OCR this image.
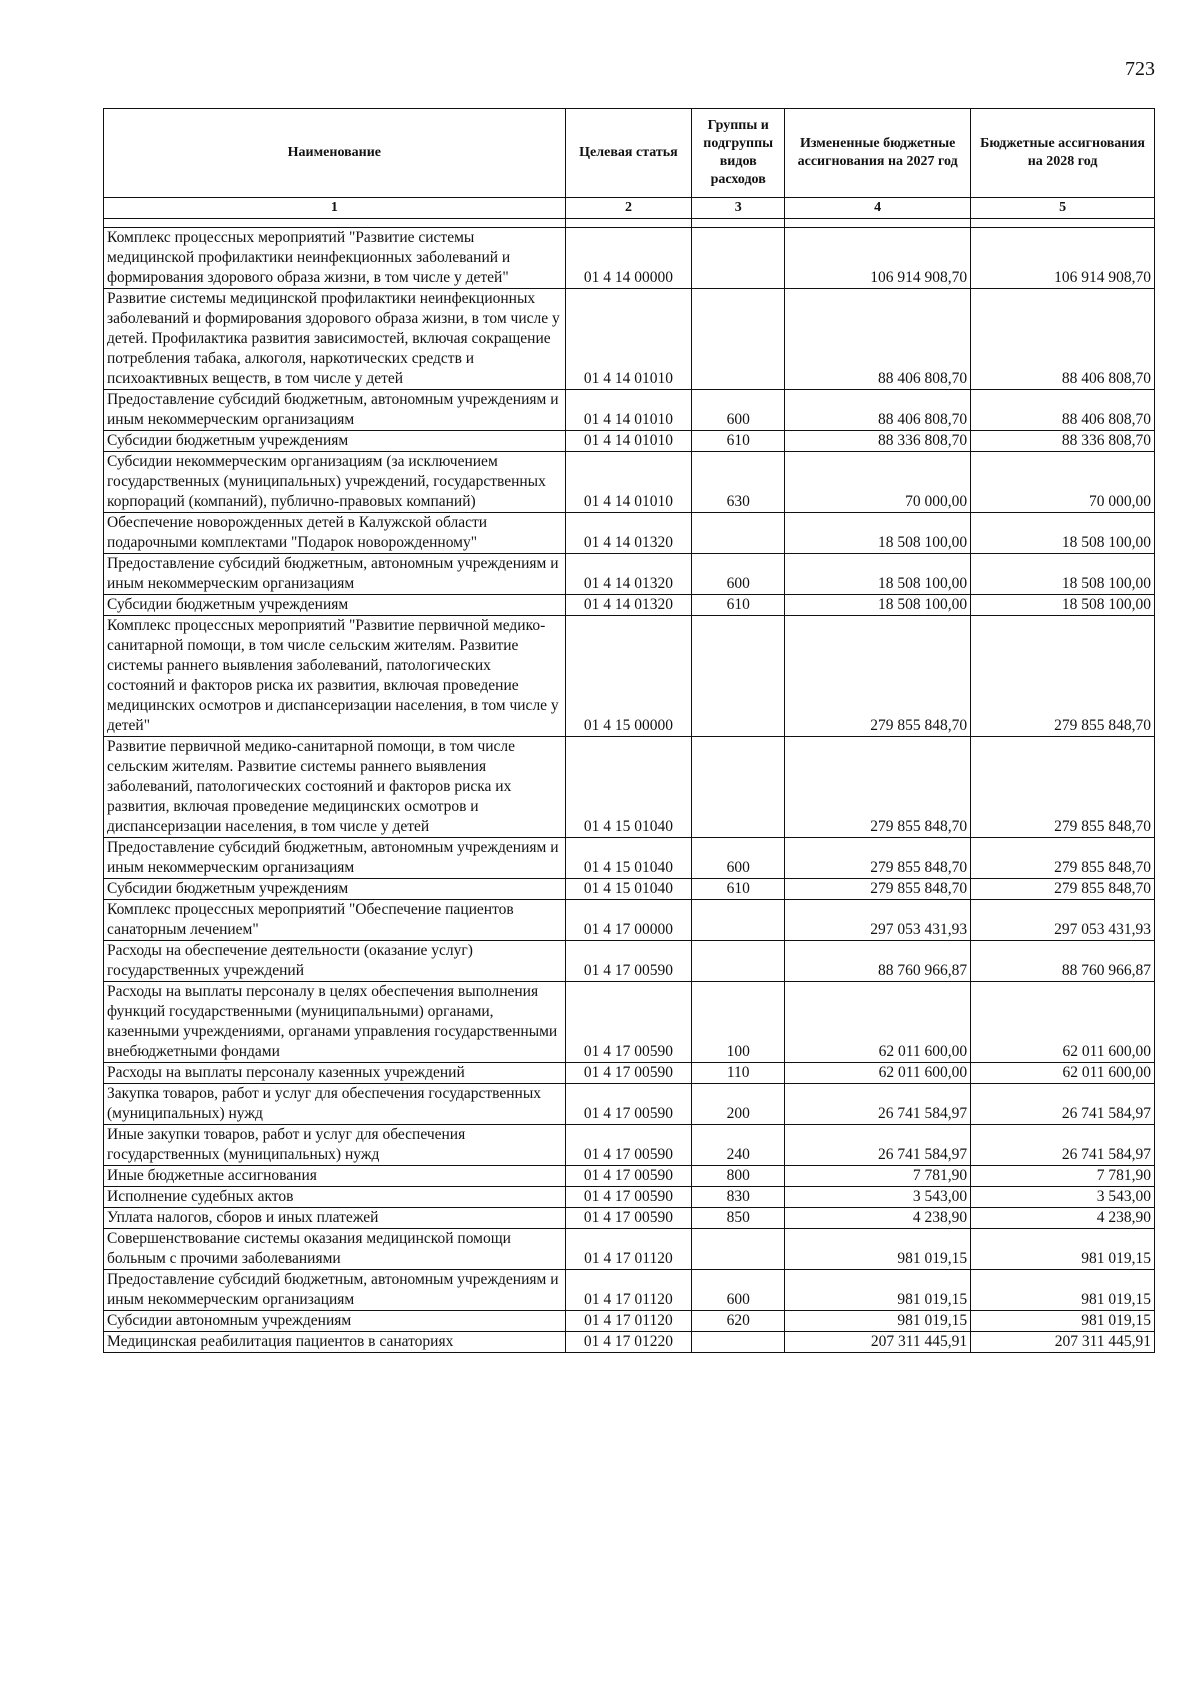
723
Наименование	Целевая статья	Группы и подгруппы видов расходов	Измененные бюджетные ассигнования на 2027 год	Бюджетные ассигнования на 2028 год
1	2	3	4	5

Комплекс процессных мероприятий "Развитие системы медицинской профилактики неинфекционных заболеваний и формирования здорового образа жизни, в том числе у детей"	01 4 14 00000		106 914 908,70	106 914 908,70
Развитие системы медицинской профилактики неинфекционных заболеваний и формирования здорового образа жизни, в том числе у детей. Профилактика развития зависимостей, включая сокращение потребления табака, алкоголя, наркотических средств и психоактивных веществ, в том числе у детей	01 4 14 01010		88 406 808,70	88 406 808,70
Предоставление субсидий бюджетным, автономным учреждениям и иным некоммерческим организациям	01 4 14 01010	600	88 406 808,70	88 406 808,70
Субсидии бюджетным учреждениям	01 4 14 01010	610	88 336 808,70	88 336 808,70
Субсидии некоммерческим организациям (за исключением государственных (муниципальных) учреждений, государственных корпораций (компаний), публично-правовых компаний)	01 4 14 01010	630	70 000,00	70 000,00
Обеспечение новорожденных детей в Калужской области подарочными комплектами "Подарок новорожденному"	01 4 14 01320		18 508 100,00	18 508 100,00
Предоставление субсидий бюджетным, автономным учреждениям и иным некоммерческим организациям	01 4 14 01320	600	18 508 100,00	18 508 100,00
Субсидии бюджетным учреждениям	01 4 14 01320	610	18 508 100,00	18 508 100,00
Комплекс процессных мероприятий "Развитие первичной медико-санитарной помощи, в том числе сельским жителям. Развитие системы раннего выявления заболеваний, патологических состояний и факторов риска их развития, включая проведение медицинских осмотров и диспансеризации населения, в том числе у детей"	01 4 15 00000		279 855 848,70	279 855 848,70
Развитие первичной медико-санитарной помощи, в том числе сельским жителям. Развитие системы раннего выявления заболеваний, патологических состояний и факторов риска их развития, включая проведение медицинских осмотров и диспансеризации населения, в том числе у детей	01 4 15 01040		279 855 848,70	279 855 848,70
Предоставление субсидий бюджетным, автономным учреждениям и иным некоммерческим организациям	01 4 15 01040	600	279 855 848,70	279 855 848,70
Субсидии бюджетным учреждениям	01 4 15 01040	610	279 855 848,70	279 855 848,70
Комплекс процессных мероприятий "Обеспечение пациентов санаторным лечением"	01 4 17 00000		297 053 431,93	297 053 431,93
Расходы на обеспечение деятельности (оказание услуг) государственных учреждений	01 4 17 00590		88 760 966,87	88 760 966,87
Расходы на выплаты персоналу в целях обеспечения выполнения функций государственными (муниципальными) органами, казенными учреждениями, органами управления государственными внебюджетными фондами	01 4 17 00590	100	62 011 600,00	62 011 600,00
Расходы на выплаты персоналу казенных учреждений	01 4 17 00590	110	62 011 600,00	62 011 600,00
Закупка товаров, работ и услуг для обеспечения государственных (муниципальных) нужд	01 4 17 00590	200	26 741 584,97	26 741 584,97
Иные закупки товаров, работ и услуг для обеспечения государственных (муниципальных) нужд	01 4 17 00590	240	26 741 584,97	26 741 584,97
Иные бюджетные ассигнования	01 4 17 00590	800	7 781,90	7 781,90
Исполнение судебных актов	01 4 17 00590	830	3 543,00	3 543,00
Уплата налогов, сборов и иных платежей	01 4 17 00590	850	4 238,90	4 238,90
Совершенствование системы оказания медицинской помощи больным с прочими заболеваниями	01 4 17 01120		981 019,15	981 019,15
Предоставление субсидий бюджетным, автономным учреждениям и иным некоммерческим организациям	01 4 17 01120	600	981 019,15	981 019,15
Субсидии автономным учреждениям	01 4 17 01120	620	981 019,15	981 019,15
Медицинская реабилитация пациентов в санаториях	01 4 17 01220		207 311 445,91	207 311 445,91
